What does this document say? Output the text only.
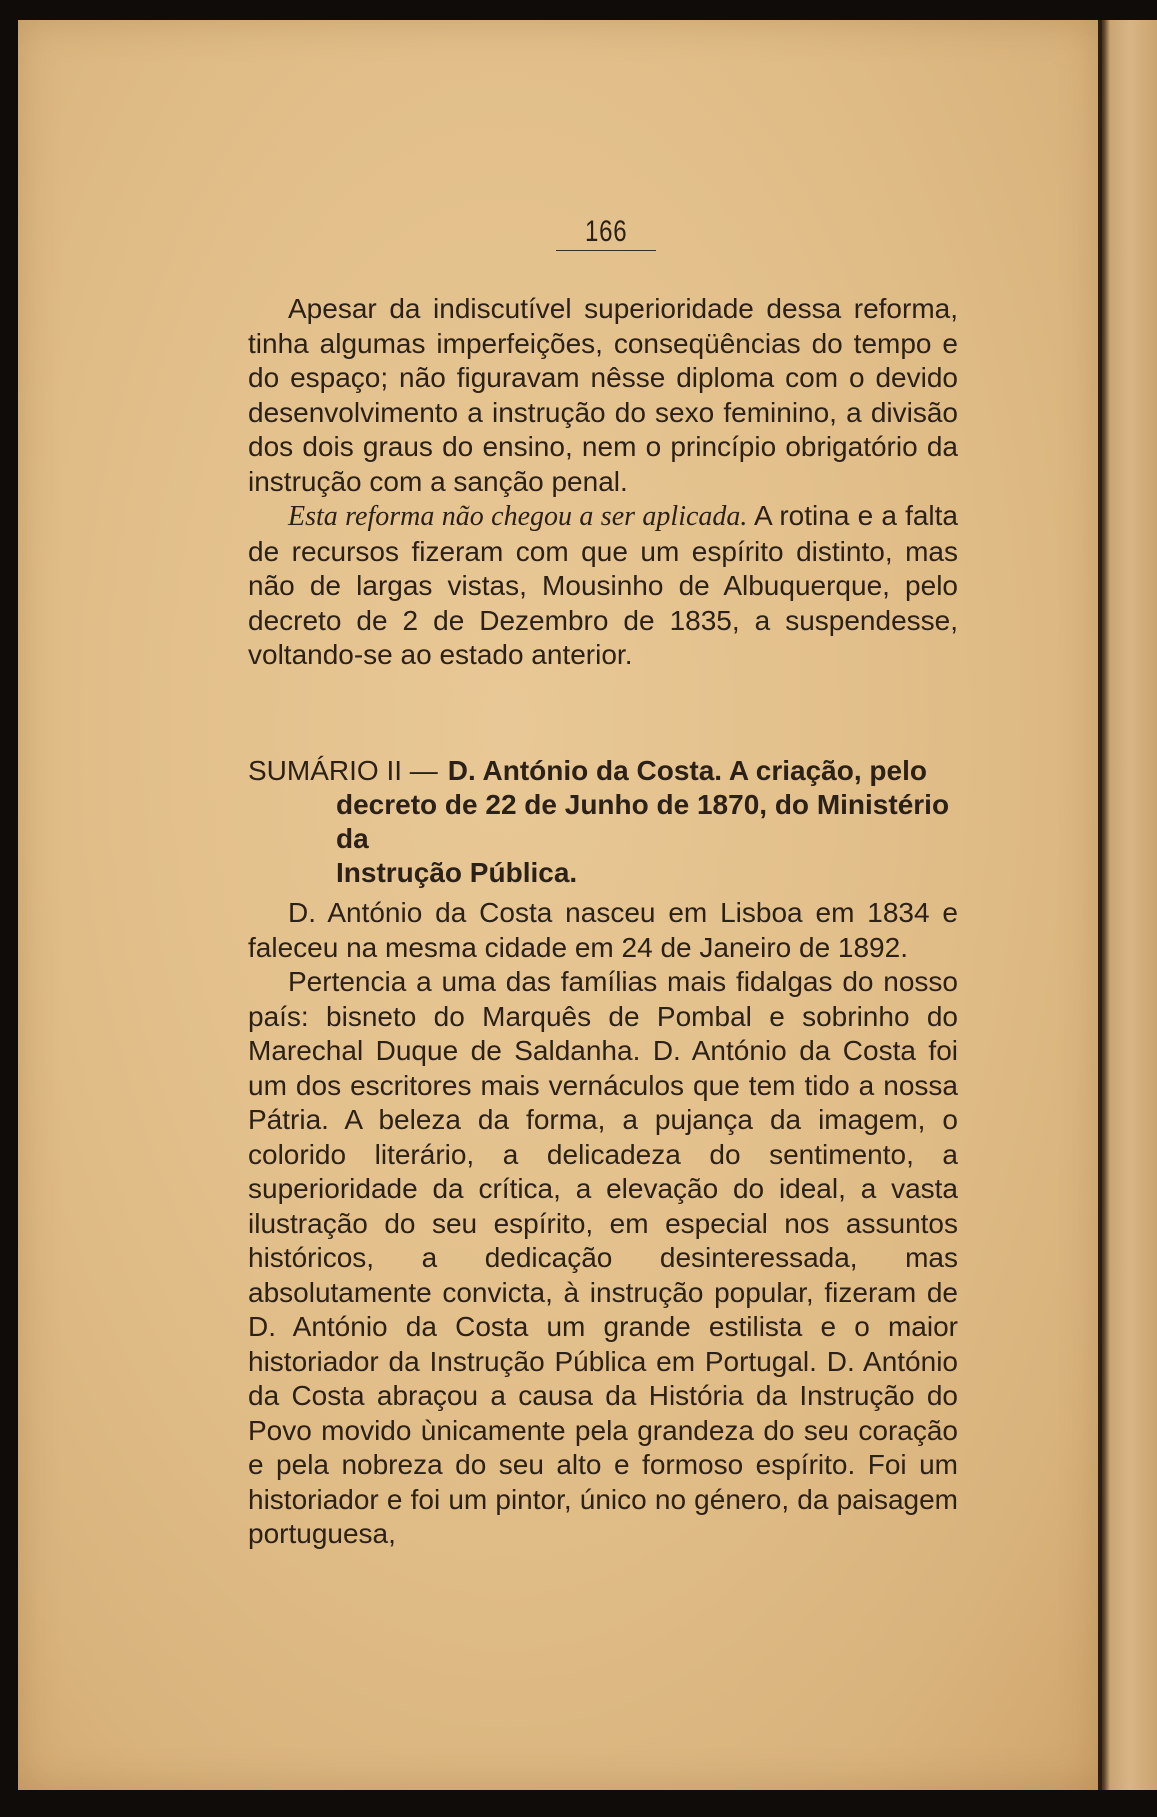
166

Apesar da indiscutível superioridade dessa reforma, tinha algumas imperfeições, conseqüências do tempo e do espaço; não figuravam nêsse diploma com o devido desenvolvimento a instrução do sexo feminino, a divisão dos dois graus do ensino, nem o princípio obrigatório da instrução com a sanção penal.

Esta reforma não chegou a ser aplicada. A rotina e a falta de recursos fizeram com que um espírito distinto, mas não de largas vistas, Mousinho de Albuquerque, pelo decreto de 2 de Dezembro de 1835, a suspendesse, voltando-se ao estado anterior.

SUMÁRIO II —D. António da Costa. A criação, pelo
decreto de 22 de Junho de 1870, do Ministério da
Instrução Pública.

D. António da Costa nasceu em Lisboa em 1834 e faleceu na mesma cidade em 24 de Janeiro de 1892.

Pertencia a uma das famílias mais fidalgas do nosso país: bisneto do Marquês de Pombal e sobrinho do Marechal Duque de Saldanha. D. António da Costa foi um dos escritores mais vernáculos que tem tido a nossa Pátria. A beleza da forma, a pujança da imagem, o colorido literário, a delicadeza do sentimento, a superioridade da crítica, a elevação do ideal, a vasta ilustração do seu espírito, em especial nos assuntos históricos, a dedicação desinteressada, mas absolutamente convicta, à instrução popular, fizeram de D. António da Costa um grande estilista e o maior historiador da Instrução Pública em Portugal. D. António da Costa abraçou a causa da História da Instrução do Povo movido ùnicamente pela grandeza do seu coração e pela nobreza do seu alto e formoso espírito. Foi um historiador e foi um pintor, único no género, da paisagem portuguesa,
